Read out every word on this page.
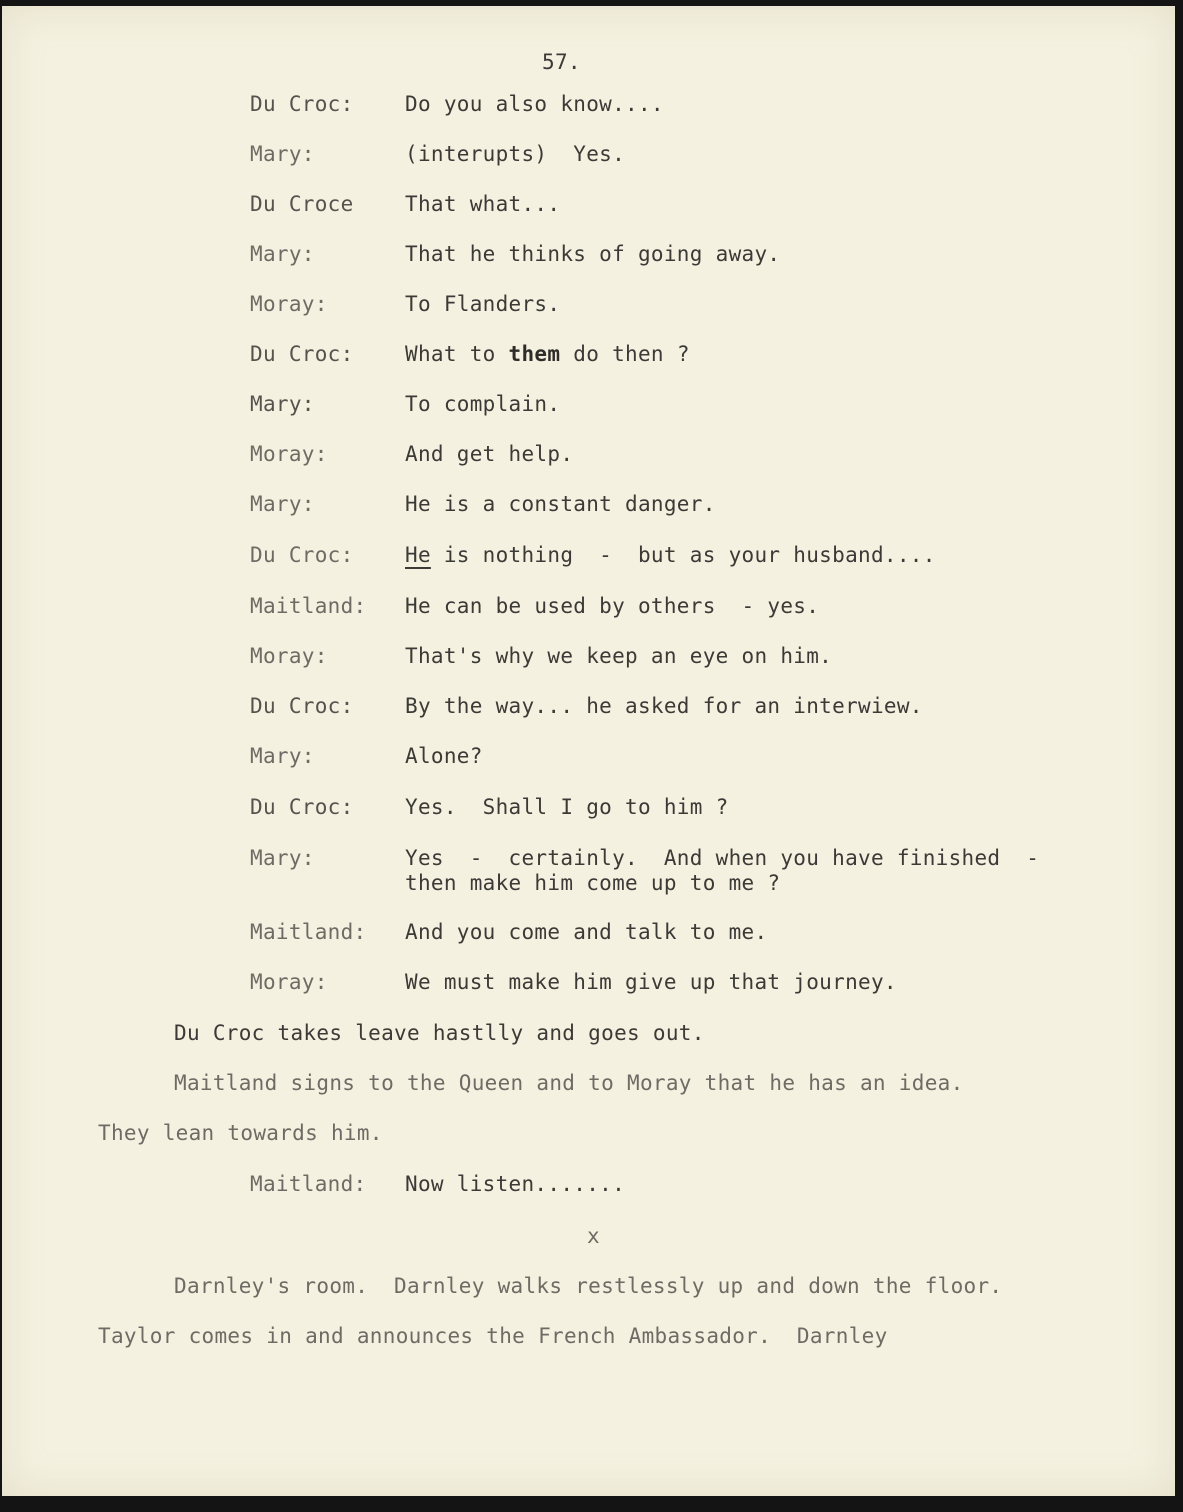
57.
Du Croc: Do you also know....
Mary:	(interupts)  Yes.
Du Croce That what...
Mary:	That he thinks of going away.
Moray:	To Flanders.
Du Croc: What to them do then ?
Mary:	To complain.
Moray:	And get help.
Mary:	He is a constant danger.
Du Croc: He is nothing  -  but as your husband....
Maitland: He can be used by others  - yes.
Moray:	That's why we keep an eye on him.
Du Croc: By the way... he asked for an interwiew.
Mary:	Alone?
Du Croc: Yes.  Shall I go to him ?
Mary:	Yes  -  certainly.  And when you have finished  -
then make him come up to me ?
Maitland: And you come and talk to me.
Moray:	We must make him give up that journey.
Du Croc takes leave hastlly and goes out.
Maitland signs to the Queen and to Moray that he has an idea.
They lean towards him.
Maitland: Now listen.......
x
Darnley's room.  Darnley walks restlessly up and down the floor.
Taylor comes in and announces the French Ambassador.  Darnley
